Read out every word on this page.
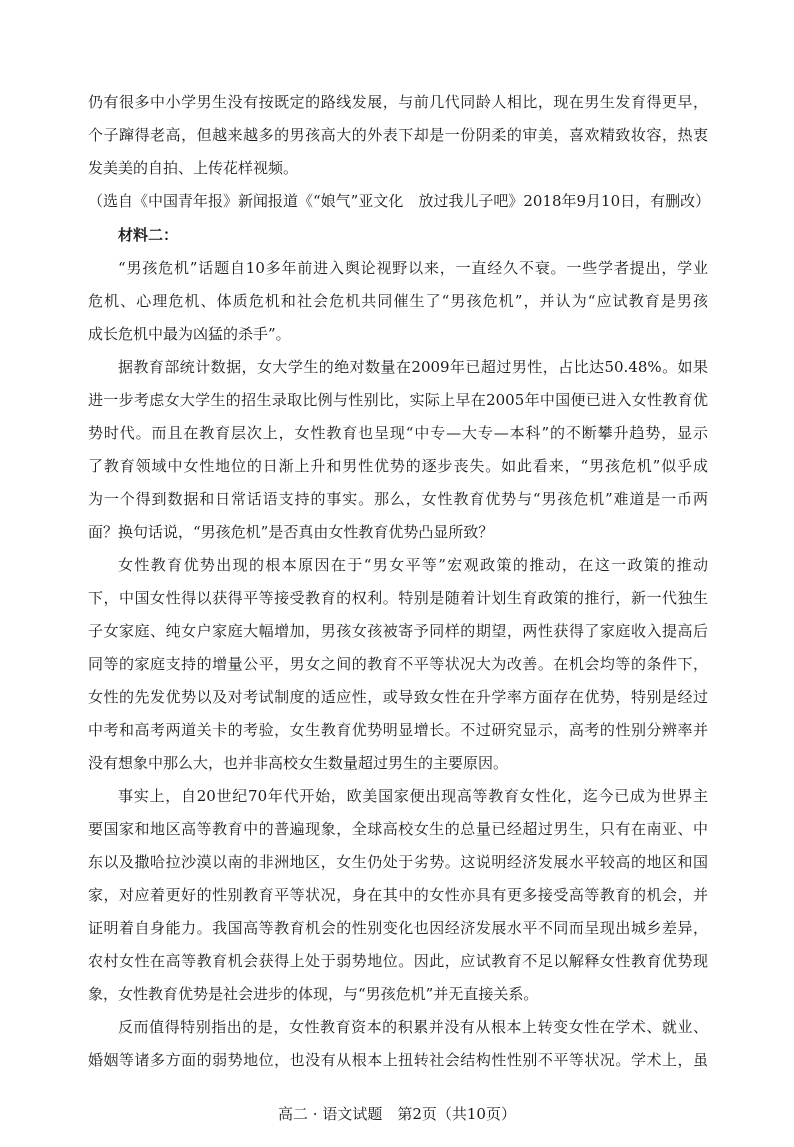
仍有很多中小学男生没有按既定的路线发展，与前几代同龄人相比，现在男生发育得更早，
个子蹿得老高，但越来越多的男孩高大的外表下却是一份阴柔的审美，喜欢精致妆容，热衷
发美美的自拍、上传花样视频。
（选自《中国青年报》新闻报道《“娘气”亚文化　放过我儿子吧》2018年9月10日，有删改）
材料二：
“男孩危机”话题自10多年前进入舆论视野以来，一直经久不衰。一些学者提出，学业
危机、心理危机、体质危机和社会危机共同催生了“男孩危机”，并认为“应试教育是男孩
成长危机中最为凶猛的杀手”。
据教育部统计数据，女大学生的绝对数量在2009年已超过男性，占比达50.48%。如果
进一步考虑女大学生的招生录取比例与性别比，实际上早在2005年中国便已进入女性教育优
势时代。而且在教育层次上，女性教育也呈现“中专—大专—本科”的不断攀升趋势，显示
了教育领域中女性地位的日渐上升和男性优势的逐步丧失。如此看来，“男孩危机”似乎成
为一个得到数据和日常话语支持的事实。那么，女性教育优势与“男孩危机”难道是一币两
面？换句话说，“男孩危机”是否真由女性教育优势凸显所致？
女性教育优势出现的根本原因在于“男女平等”宏观政策的推动，在这一政策的推动
下，中国女性得以获得平等接受教育的权利。特别是随着计划生育政策的推行，新一代独生
子女家庭、纯女户家庭大幅增加，男孩女孩被寄予同样的期望，两性获得了家庭收入提高后
同等的家庭支持的增量公平，男女之间的教育不平等状况大为改善。在机会均等的条件下，
女性的先发优势以及对考试制度的适应性，或导致女性在升学率方面存在优势，特别是经过
中考和高考两道关卡的考验，女生教育优势明显增长。不过研究显示，高考的性别分辨率并
没有想象中那么大，也并非高校女生数量超过男生的主要原因。
事实上，自20世纪70年代开始，欧美国家便出现高等教育女性化，迄今已成为世界主
要国家和地区高等教育中的普遍现象，全球高校女生的总量已经超过男生，只有在南亚、中
东以及撒哈拉沙漠以南的非洲地区，女生仍处于劣势。这说明经济发展水平较高的地区和国
家，对应着更好的性别教育平等状况，身在其中的女性亦具有更多接受高等教育的机会，并
证明着自身能力。我国高等教育机会的性别变化也因经济发展水平不同而呈现出城乡差异，
农村女性在高等教育机会获得上处于弱势地位。因此，应试教育不足以解释女性教育优势现
象，女性教育优势是社会进步的体现，与“男孩危机”并无直接关系。
反而值得特别指出的是，女性教育资本的积累并没有从根本上转变女性在学术、就业、
婚姻等诸多方面的弱势地位，也没有从根本上扭转社会结构性性别不平等状况。学术上，虽
高二 · 语文试题　第2页（共10页）
